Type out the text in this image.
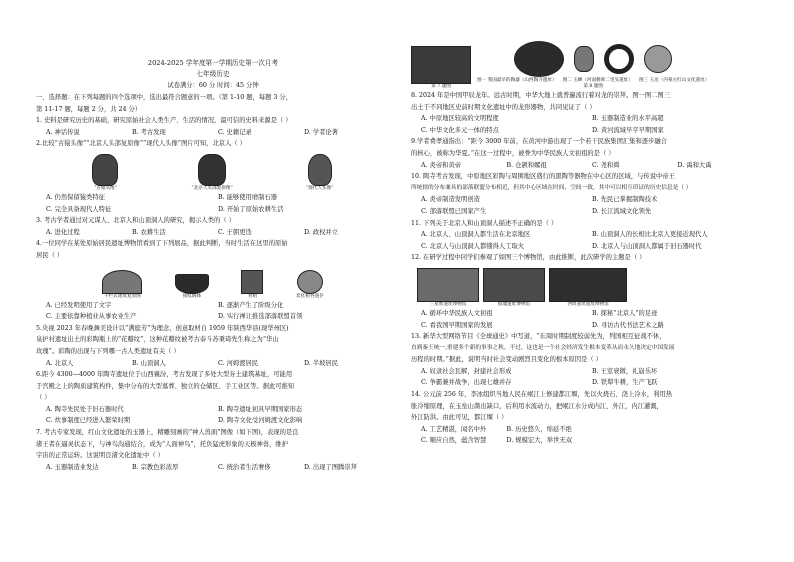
2024-2025 学年度第一学期历史第一次月考
七年级历史
试卷满分：60 分 时间：45 分钟
一、选择题：在下列每题的四个选项中，选出最符合题意的一项。（第 1-10 题，每题 3 分，
第 11-17 题，每题 2 分，共 24 分）
1. 史料是研究历史的基础，研究原始社会人类生产、生活的情况，最可信的史料来源是（ ）
A. 神话传说	B. 考古发现	C. 史籍记录	D. 学者论著
2.比较“古猿头像”“北京人头部复原像”“现代人头像”图片可知，北京人（ ）
“古猿头像”	“北京人头部复原像”	“现代人头像”
A. 仍然保留猿类特征	B. 能够使用磨制石器
C. 完全具备现代人特征	D. 开始了原始农耕生活
3. 考古学者通过对元谋人、北京人和山顶洞人的研究，揭示人类的（ ）
A. 进化过程	B. 农耕生活	C. 王朝更迭	D. 政权并立
4.一位同学在某处原始居民遗址博物馆看到了下列展品，据此判断，当时生活在这里的原始
居民（ ）
干栏式建筑复原图	猪纹陶钵	骨耜	炭化稻谷遗存
A. 已经发明使用了文字	B. 逐渐产生了阶级分化
C. 主要依靠种植业从事农业生产	D. 实行禅让推选部落联盟首领
5.央视 2023 年春晚舞美设计以“满庭芳”为理念，创意取材自 1959 年陕西华县(现华州区)
泉护村遗址出土的彩陶瓶上的“花瓣纹”，这种花瓣纹被考古泰斗苏秉琦先生称之为“华山
玫瑰”。彩陶的出现与下列哪一古人类遗址有关（ ）
A. 北京人	B. 山顶洞人	C. 河姆渡居民	D. 半坡居民
6.距今 4300—4000 年陶寺遗址位于山西襄汾，考古发现了多处大型夯土建筑基址，可能用
于宫殿之上的陶质建筑构件，集中分布的大型墓葬、独立的仓储区、手工业区等。据此可推知
（ ）
A. 陶寺先民处于旧石器时代	B. 陶寺遗址初具早期国家形态
C. 炊事制度已经进入繁荣时期	D. 陶寺文化受河姆渡文化影响
7. 考古专家发现，红山文化遗址的玉器上，精雕刻画的“神人兽面”图像（如下图)，表现的是良
渚王者在逼灵状态下，与神鸟沟通结合，成为“人面神鸟”，托负猛虎形象的天极神兽，维护
宇宙的正常运转。这说明良渚文化遗址中（ ）
A. 玉器制造业发达	B. 宗教色彩浓厚	C. 统治者生活奢侈	D. 出现了图腾崇拜
第 7 题图
图一 我国最早的陶器（山西陶寺遗址） 图二 玉蝉（河南偃师二里头遗址） 图三 玉龙（内蒙古红山文化遗址）
第 8 题图
8. 2024 年是中国甲辰龙年。远古时期，中华大地上就普遍流行着对龙的崇拜。图一图二图三
出土于不同地区史前时期文化遗址中的龙形器物，共同见证了（ ）
A. 中原地区较高的文明程度	B. 玉器制造业的水平高超
C. 中华文化多元一体的特点	D. 黄河流域早亨早期国家
9.学者费孝通指出：“距今 3000 年前，在黄河中游出现了一个若干民族集团汇集和逐步融合
的核心，被称为华夏。”在这一过程中，被誉为中华民族人文初祖的是（ ）
A. 炎帝和黄帝	B. 仓颉和嫘祖	C. 尧和舜	D. 禹和大禹
10. 陶寺考古发现，中原地区彩陶与周围地区盛行的黑陶等器物在中心区的区域，与传说中帝王
所统辖的分布兼具的部落联盟分布相近，但其中心区域在时间、空间一致，其中可以相互印证的历史信息是（ ）
A. 炎帝制造发明创造	B. 先民已掌握制陶技术
C. 部落联盟已国家产生	D. 长江流域文化领先
11. 下列关于北京人和山顶洞人描述不正确的是（ ）
A. 北京人、山顶洞人都生活在北京地区	B. 山顶洞人的长相比北京人更接近现代人
C. 北京人与山顶洞人都懂得人工取火	D. 北京人与山顶洞人都属于旧石器时代
12. 在研学过程中同学们参观了如图三个博物馆，由此推断，此次研学的主题是（ ）
三星堆遗址博物馆	殷墟遗址博物馆	西周遗址遗址博物馆
A. 循环中华民族人文初祖	B. 探秘“北京人”的足迹
C. 看我国早期国家的发展	D. 寻访古代书法艺术之路
13. 新华大型网络节目《全球通史》中写道，“东周时期制度较弱先为，列国相互征战不休，
直到秦王统一,重建多个新的事事之秋。不过，这也是一个社会经济发生根本变革从而永久地决定中国发展
历程的时期。”据此，说明当时社会变动剧烈且变化的根本原因是（ ）
A. 奴隶社会瓦解，封建社会形成	B. 王室衰微，礼崩乐坏
C. 争霸兼并战争，出现七雄并存	D. 铁犁牛耕，生产飞跃
14. 公元前 256 年，李冰组织当地人民在岷江上修建都江堰，先以火烧石、浇上冷水，利用热
胀冷缩原理，在玉垒山凿出缺口，后利用水流动力，把岷江水分成内江、外江，内江灌溉，
外江防洪。由此可见，都江堰（ ）
A. 工艺精湛，闻名中外	B. 历史悠久，绵延不绝
C. 顺应自然，蕴含智慧	D. 规模宏大，举世无双
